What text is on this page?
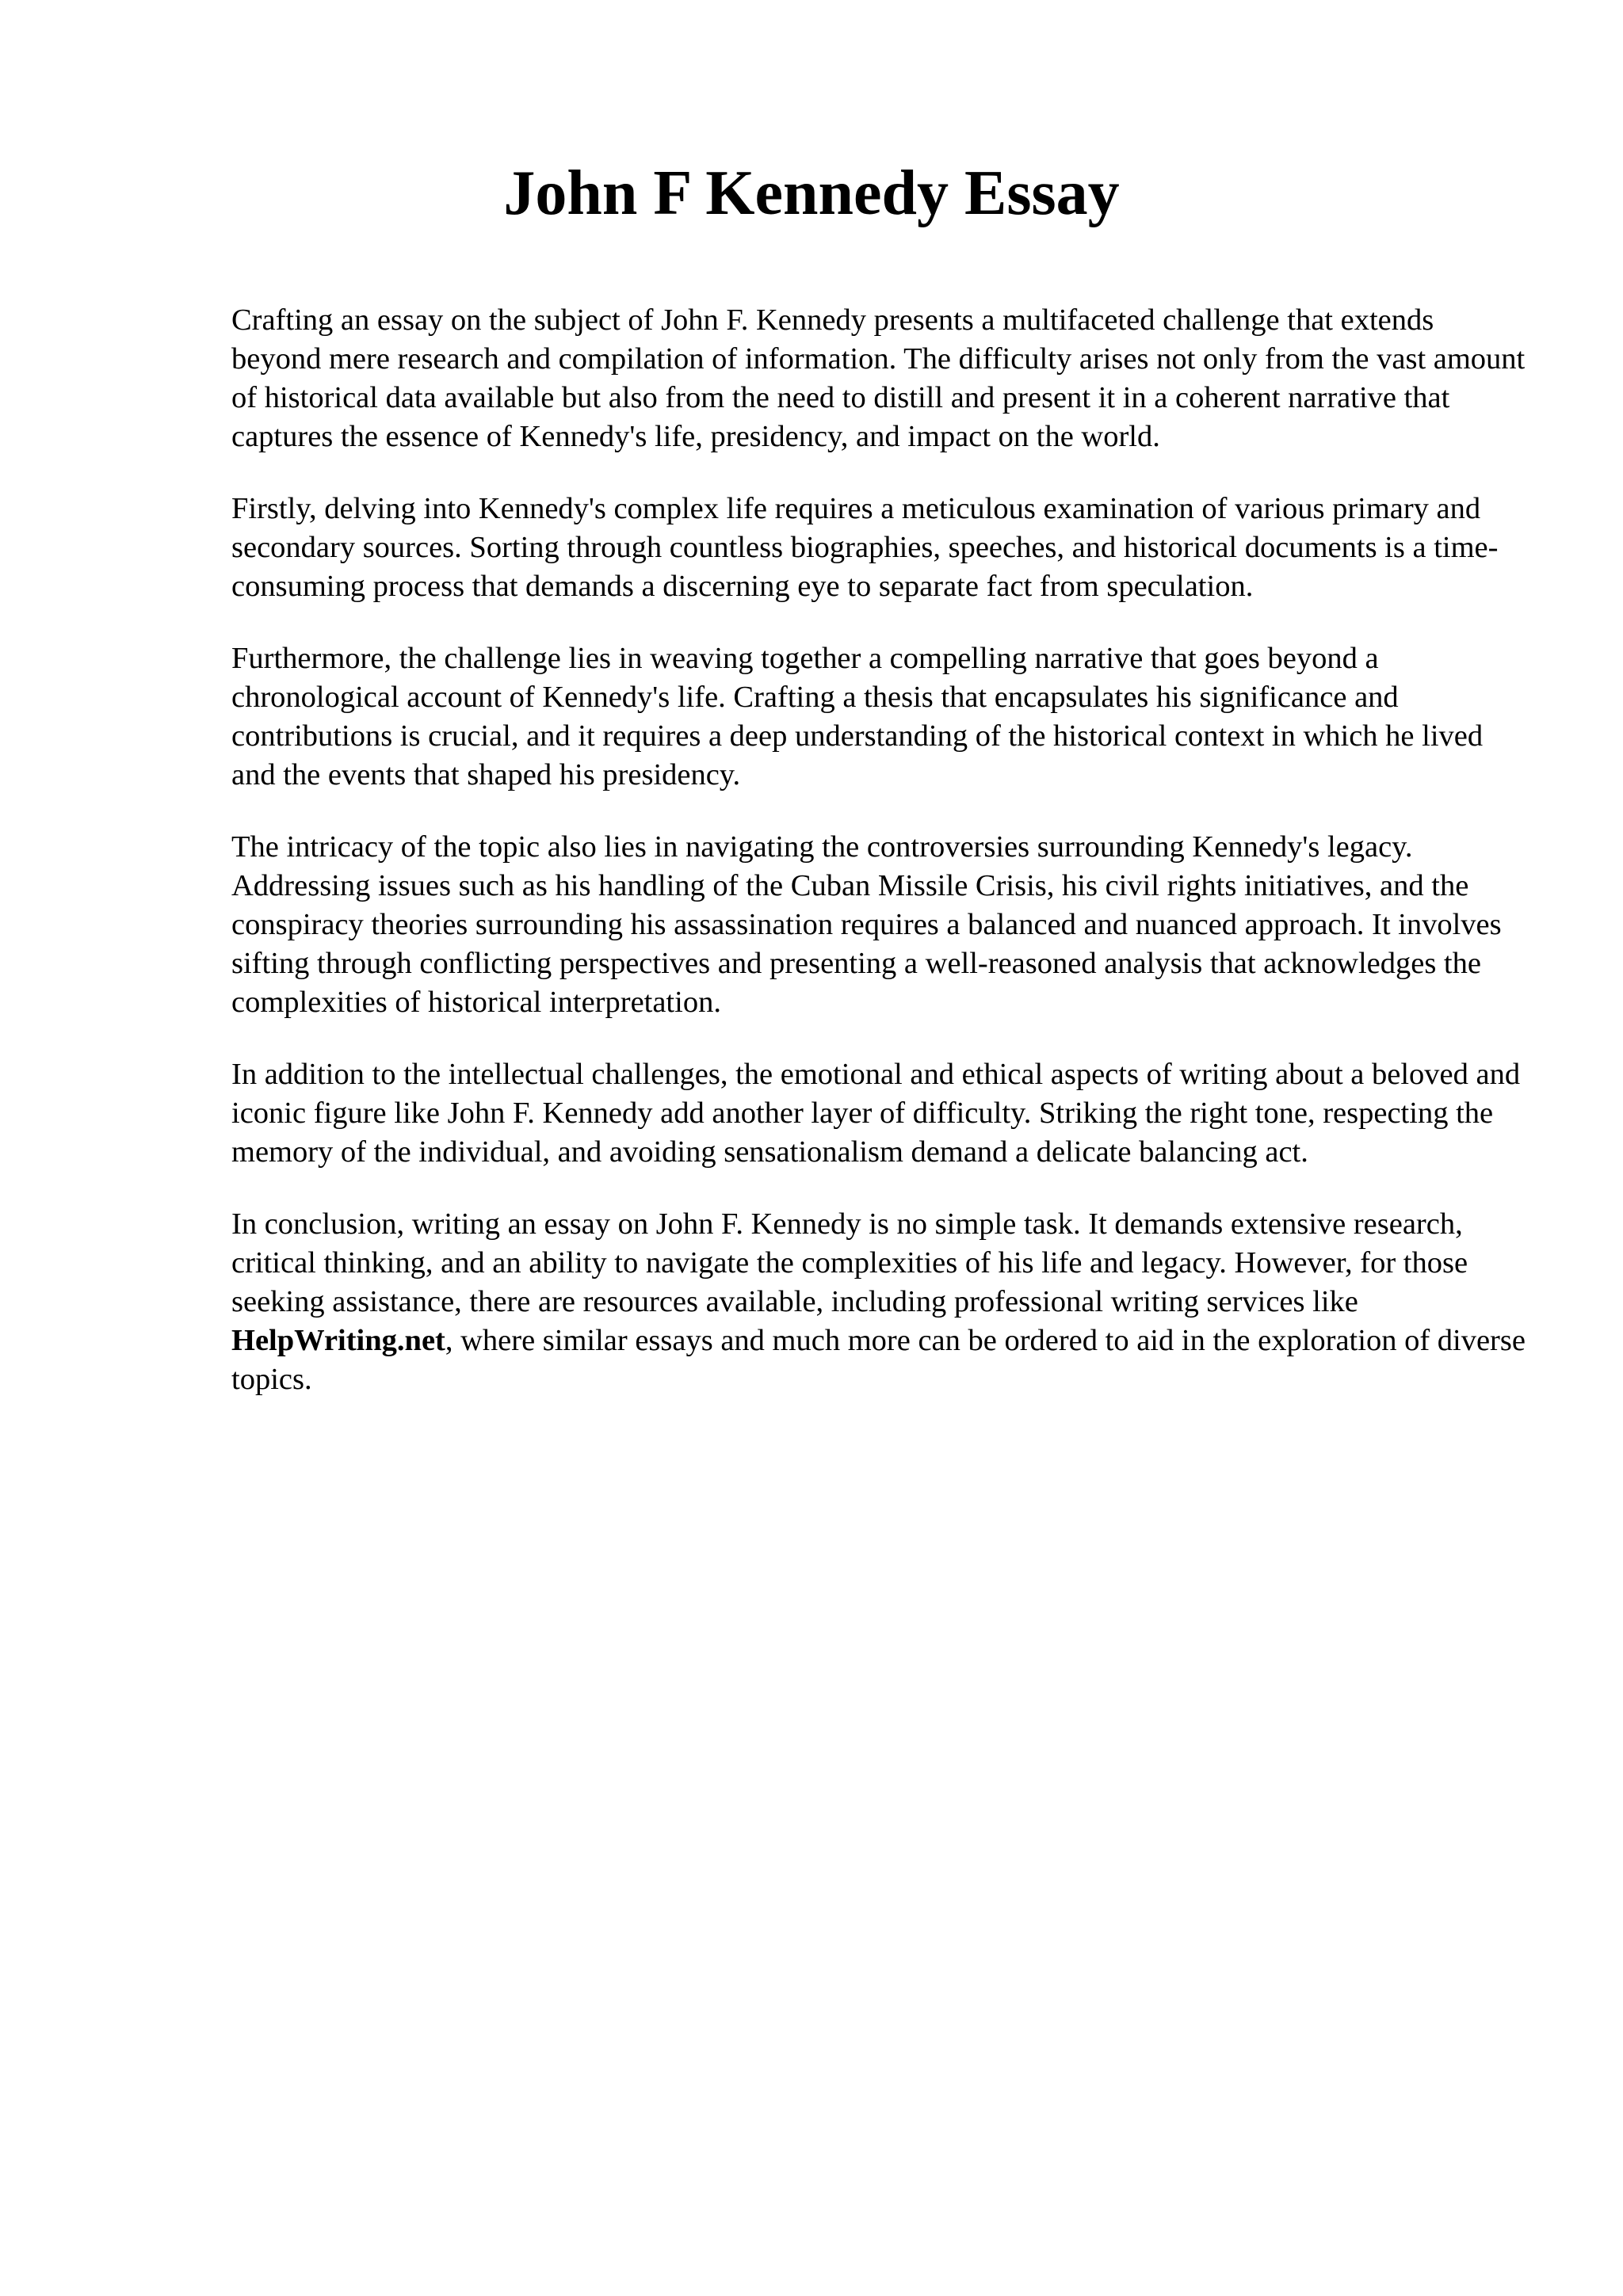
John F Kennedy Essay

Crafting an essay on the subject of John F. Kennedy presents a multifaceted challenge that extends beyond mere research and compilation of information. The difficulty arises not only from the vast amount of historical data available but also from the need to distill and present it in a coherent narrative that captures the essence of Kennedy's life, presidency, and impact on the world.

Firstly, delving into Kennedy's complex life requires a meticulous examination of various primary and secondary sources. Sorting through countless biographies, speeches, and historical documents is a time-consuming process that demands a discerning eye to separate fact from speculation.

Furthermore, the challenge lies in weaving together a compelling narrative that goes beyond a chronological account of Kennedy's life. Crafting a thesis that encapsulates his significance and contributions is crucial, and it requires a deep understanding of the historical context in which he lived and the events that shaped his presidency.

The intricacy of the topic also lies in navigating the controversies surrounding Kennedy's legacy. Addressing issues such as his handling of the Cuban Missile Crisis, his civil rights initiatives, and the conspiracy theories surrounding his assassination requires a balanced and nuanced approach. It involves sifting through conflicting perspectives and presenting a well-reasoned analysis that acknowledges the complexities of historical interpretation.

In addition to the intellectual challenges, the emotional and ethical aspects of writing about a beloved and iconic figure like John F. Kennedy add another layer of difficulty. Striking the right tone, respecting the memory of the individual, and avoiding sensationalism demand a delicate balancing act.

In conclusion, writing an essay on John F. Kennedy is no simple task. It demands extensive research, critical thinking, and an ability to navigate the complexities of his life and legacy. However, for those seeking assistance, there are resources available, including professional writing services like HelpWriting.net, where similar essays and much more can be ordered to aid in the exploration of diverse topics.
